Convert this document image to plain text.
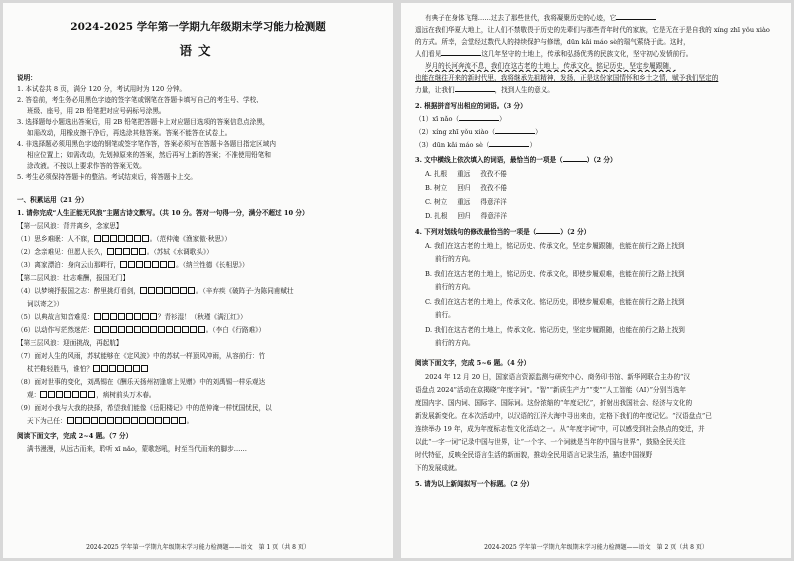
2024-2025 学年第一学期九年级期末学习能力检测题
语文
说明：
1. 本试卷共 8 页，满分 120 分，考试用时为 120 分钟。
2. 答卷前，考生务必用黑色字迹的签字笔或钢笔在答题卡填写自己的考生号、学校、
班级、座号，用 2B 铅笔把对应号码标号涂黑。
3. 选择题每小题选出答案后，用 2B 铅笔把答题卡上对应题目选项的答案信息点涂黑，
如需改动，用橡皮擦干净后，再选涂其他答案。答案不能答在试卷上。
4. 非选择题必须用黑色字迹的钢笔或签字笔作答，答案必须写在答题卡各题目指定区域内
相应位置上；如需改动，先划掉原来的答案，然后再写上新的答案；不准使用铅笔和
涂改液。不按以上要求作答的答案无效。
5. 考生必须保持答题卡的整洁。考试结束后，将答题卡上交。
一、积累运用（21 分）
1. 请你完成“人生正能无风浪”主题古诗文默写。（共 10 分。答对一句得一分，满分不超过 10 分）
【第一层风浪：背井离乡，念家思】
（1）思乡难眠：人不寐，	。（范仲淹《渔家傲·秋思》）
（2）念亲难见：但愿人长久，	。（苏轼《水调歌头》）
（3）离家漂泊：身向云山那畔行，	。（纳兰性德《长相思》）
【第二层风浪：壮志难酬，报国无门】
（4）以梦境抒报国之志：醉里挑灯看剑，	。（辛弃疾《破阵子·为陈同甫赋壮
词以寄之》）
（5）以典故言知音难觅：	？青衫湿！（秋瑾《满江红》）
（6）以动作写茫然迷茫：	。（李白《行路难》）
【第三层风浪：迎面挑战，再起航】
（7）面对人生的风雨，苏轼能够在《定风波》中的苏轼一样顶风冲雨，从容前行：竹
杖芒鞋轻胜马，谁怕？
（8）面对世事的变化，刘禹锡在《酬乐天扬州初逢席上见赠》中的刘禹锡一样乐观达
观：	，病树前头万木春。
（9）面对小我与大我的抉择，希望我们能像《岳阳楼记》中的范仲淹一样忧国忧民，以
天下为己任：	。
阅读下面文字，完成 2~4 题。（7 分）
满书漫漫，从远古而来，聆听 xī nǎo，蒙歌怒吼，时至当代而来的脚步……
2024-2025 学年第一学期九年级期末学习能力检测题——语文　第 1 页（共 8 页）
有典子在身体飞翔……过去了那些世代，我将凝聚历史的心迹，它
遥远在我们华夏大地上，让人们不禁敬畏于历史的先辈们与那些青年时代的家族，它是无在于是自我的 xíng zhī yǒu xiào
的方式。所幸，会堂经过数代人的持续保护与修缮，dūn kǎi máo sè的瑞气萦绕于此。这时，
人们看见	这几年坚守的土地上，传承和弘扬优秀的民族文化，坚守初心发愤前行。
岁月的长河奔流不息，我们在这古老的土地上，传承文化，铭记历史，坚定步履跟随，
也能在继往开来的新时代里，我将继承先祖精神，发扬，正是这份家国情怀和乡土之情，赋予我们坚定的
力量，让我们	，找到人生的意义。
2. 根据拼音写出相应的词语。（3 分）
（1）xī nǎo（	）
（2）xíng zhī yǒu xiào（	）
（3）dūn kǎi máo sè（	）
3. 文中横线上依次填入的词语，最恰当的一项是（	）（2 分）
A. 扎根 重远 孜孜不倦
B. 树立 回归 孜孜不倦
C. 树立 重远 得意洋洋
D. 扎根 回归 得意洋洋
4. 下列对划线句的修改最恰当的一项是（	）（2 分）
A. 我们在这古老的土地上，铭记历史、传承文化，坚定步履跟随，也能在前行之路上找到
前行的方向。
B. 我们在这古老的土地上，铭记历史、传承文化，即使步履艰难，也能在前行之路上找到
前行的方向。
C. 我们在这古老的土地上，传承文化、铭记历史，即使步履艰难，也能在前行之路上找到
前行。
D. 我们在这古老的土地上，传承文化、铭记历史，坚定步履跟随，也能在前行之路上找到
前行的方向。
阅读下面文字，完成 5~6 题。（4 分）
2024 年 12 月 20 日，国家语言资源监测与研究中心、商务印书馆、新华网联合主办的“汉
语盘点 2024”活动在京揭晓“年度字词”。“智”“新质生产力”“变”“人工智能（AI）”分别当选年
度国内字、国内词、国际字、国际词。这份浓缩的“年度记忆”，折射出我国社会、经济与文化的
新发展新变化。在本次活动中，以汉语的江洋大海中寻出来由，定格下我们的年度记忆。“汉语盘点”已
连续举办 19 年，成为年度标志性文化活动之一。从“年度字词”中，可以感受到社会热点的变迁，并
以此“一字一词”记录中国与世界，让“一个字、一个词就是当年的中国与世界”，鼓励全民关注
时代特征，反映全民语言生活的新面貌，推动全民用语言记录生活，描述中国视野
下的发展成就。
5. 请为以上新闻拟写一个标题。（2 分）
2024-2025 学年第一学期九年级期末学习能力检测题——语文　第 2 页（共 8 页）
